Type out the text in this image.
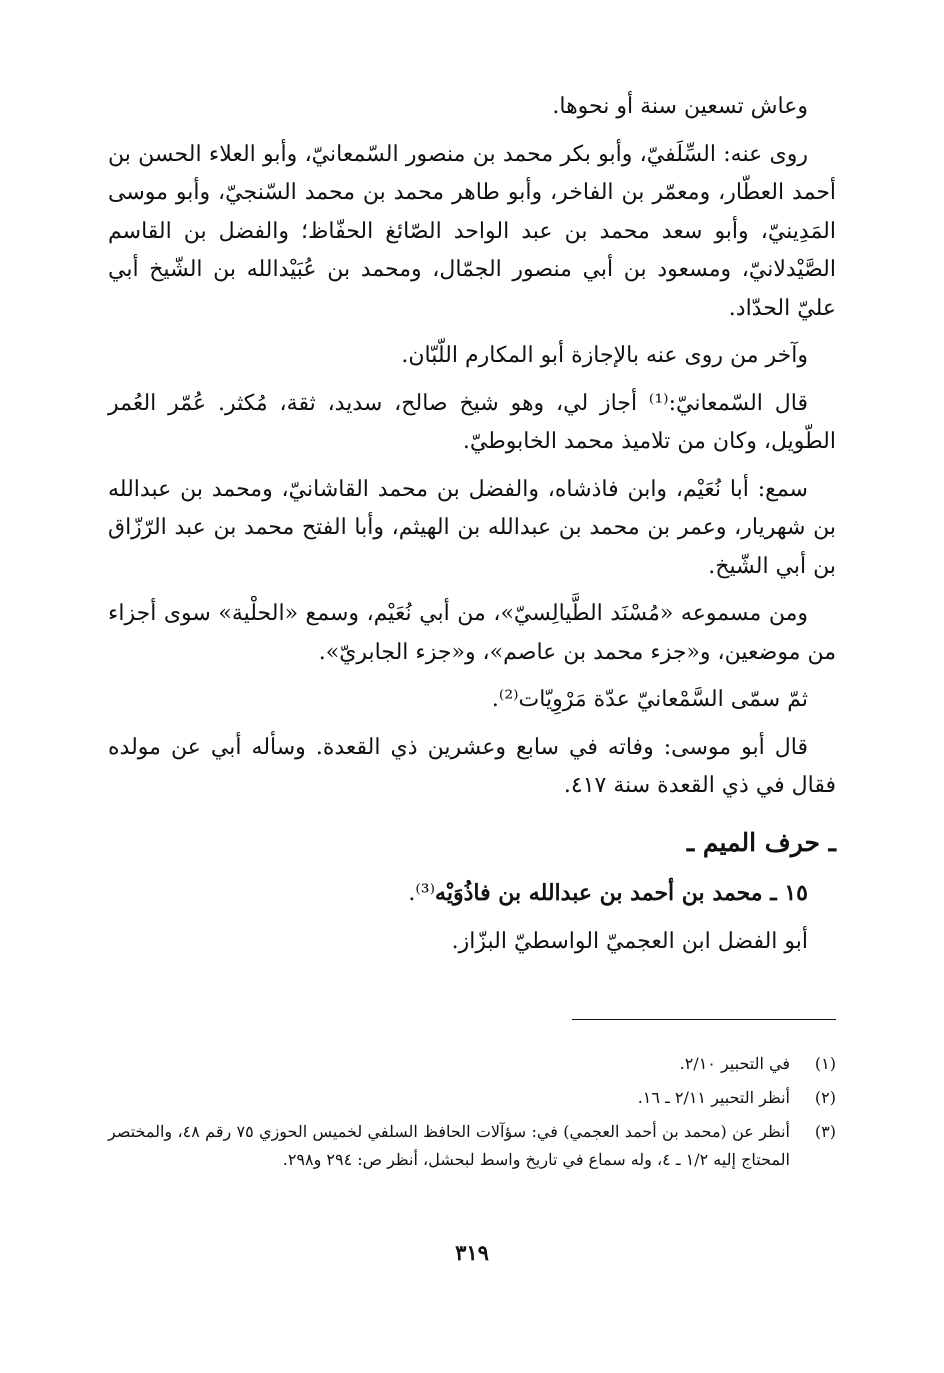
وعاش تسعين سنة أو نحوها.

روى عنه: السِّلَفيّ، وأبو بكر محمد بن منصور السّمعانيّ، وأبو العلاء الحسن بن أحمد العطّار، ومعمّر بن الفاخر، وأبو طاهر محمد بن محمد السّنجيّ، وأبو موسى المَدِينيّ، وأبو سعد محمد بن عبد الواحد الصّائغ الحفّاظ؛ والفضل بن القاسم الصَّيْدلانيّ، ومسعود بن أبي منصور الجمّال، ومحمد بن عُبَيْدالله بن الشّيخ أبي عليّ الحدّاد.

وآخر من روى عنه بالإجازة أبو المكارم اللّبّان.

قال السّمعانيّ:⁽¹⁾ أجاز لي، وهو شيخ صالح، سديد، ثقة، مُكثر. عُمّر العُمر الطّويل، وكان من تلاميذ محمد الخابوطيّ.

سمع: أبا نُعَيْم، وابن فاذشاه، والفضل بن محمد القاشانيّ، ومحمد بن عبدالله بن شهريار، وعمر بن محمد بن عبدالله بن الهيثم، وأبا الفتح محمد بن عبد الرّزّاق بن أبي الشّيخ.

ومن مسموعه «مُسْنَد الطَّيالِسيّ»، من أبي نُعَيْم، وسمع «الحلْية» سوى أجزاء من موضعين، و«جزء محمد بن عاصم»، و«جزء الجابريّ».

ثمّ سمّى السَّمْعانيّ عدّة مَرْوِيّات⁽²⁾.

قال أبو موسى: وفاته في سابع وعشرين ذي القعدة. وسأله أبي عن مولده فقال في ذي القعدة سنة ٤١٧.

ـ حرف الميم ـ

١٥ ـ محمد بن أحمد بن عبدالله بن فاذُوَيْه⁽³⁾.

أبو الفضل ابن العجميّ الواسطيّ البزّاز.

(١)
في التحبير ٢/١٠.
(٢)
أنظر التحبير ٢/١١ ـ ١٦.
(٣)
أنظر عن (محمد بن أحمد العجمي) في: سؤآلات الحافظ السلفي لخميس الحوزي ٧٥ رقم ٤٨، والمختصر المحتاج إليه ١/٢ ـ ٤، وله سماع في تاريخ واسط لبحشل، أنظر ص: ٢٩٤ و٢٩٨.
٣١٩
